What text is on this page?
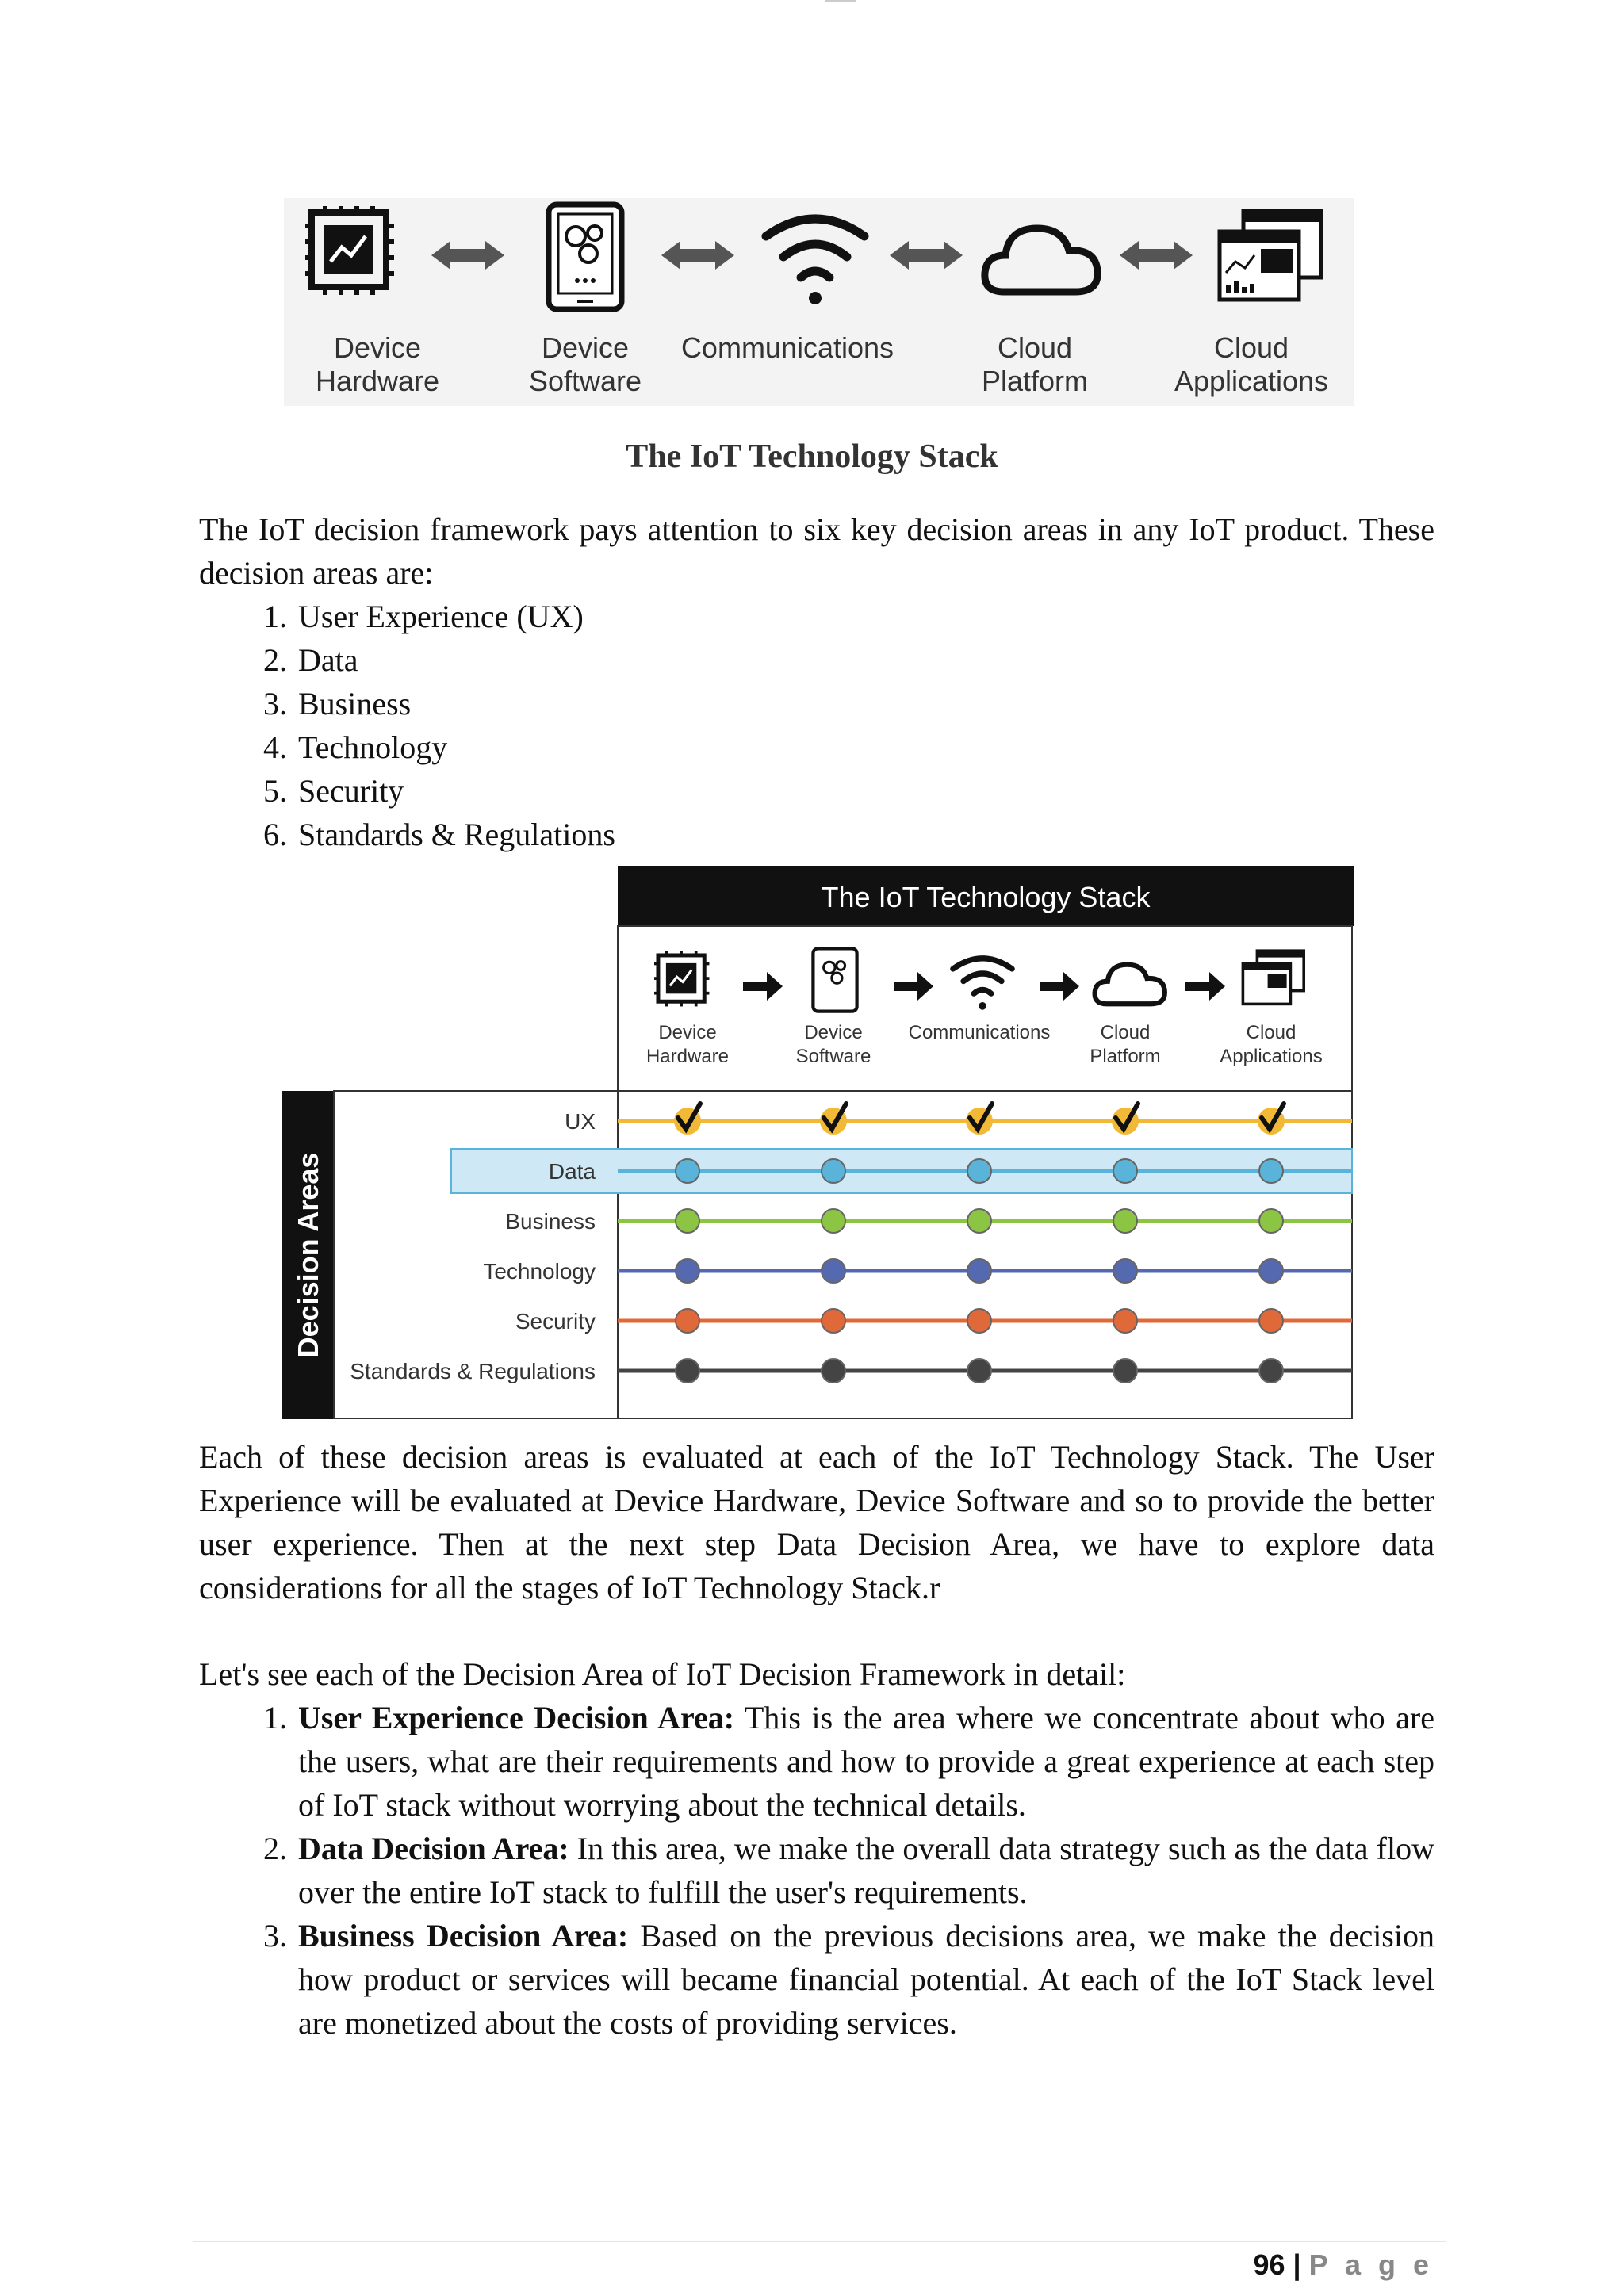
Device
Hardware
Device
Software
Communications	Cloud
Platform
Cloud
Applications
The IoT Technology Stack
The IoT decision framework pays attention to six key decision areas in any IoT product. These decision areas are:
1. User Experience (UX)
2. Data
3. Business
4. Technology
5. Security
6. Standards & Regulations
The IoT Technology Stack
Decision Areas
Device Hardware
Device Software
Communications	Cloud Platform
Cloud Applications
UX
Data
Business
Technology
Security
Standards & Regulations
Each of these decision areas is evaluated at each of the IoT Technology Stack. The User Experience will be evaluated at Device Hardware, Device Software and so to provide the better user experience. Then at the next step Data Decision Area, we have to explore data considerations for all the stages of IoT Technology Stack.r
Let's see each of the Decision Area of IoT Decision Framework in detail:
1. User Experience Decision Area: This is the area where we concentrate about who are the users, what are their requirements and how to provide a great experience at each step of IoT stack without worrying about the technical details.
2. Data Decision Area: In this area, we make the overall data strategy such as the data flow over the entire IoT stack to fulfill the user's requirements.
3. Business Decision Area: Based on the previous decisions area, we make the decision how product or services will became financial potential. At each of the IoT Stack level are monetized about the costs of providing services.
96 | P a g e
